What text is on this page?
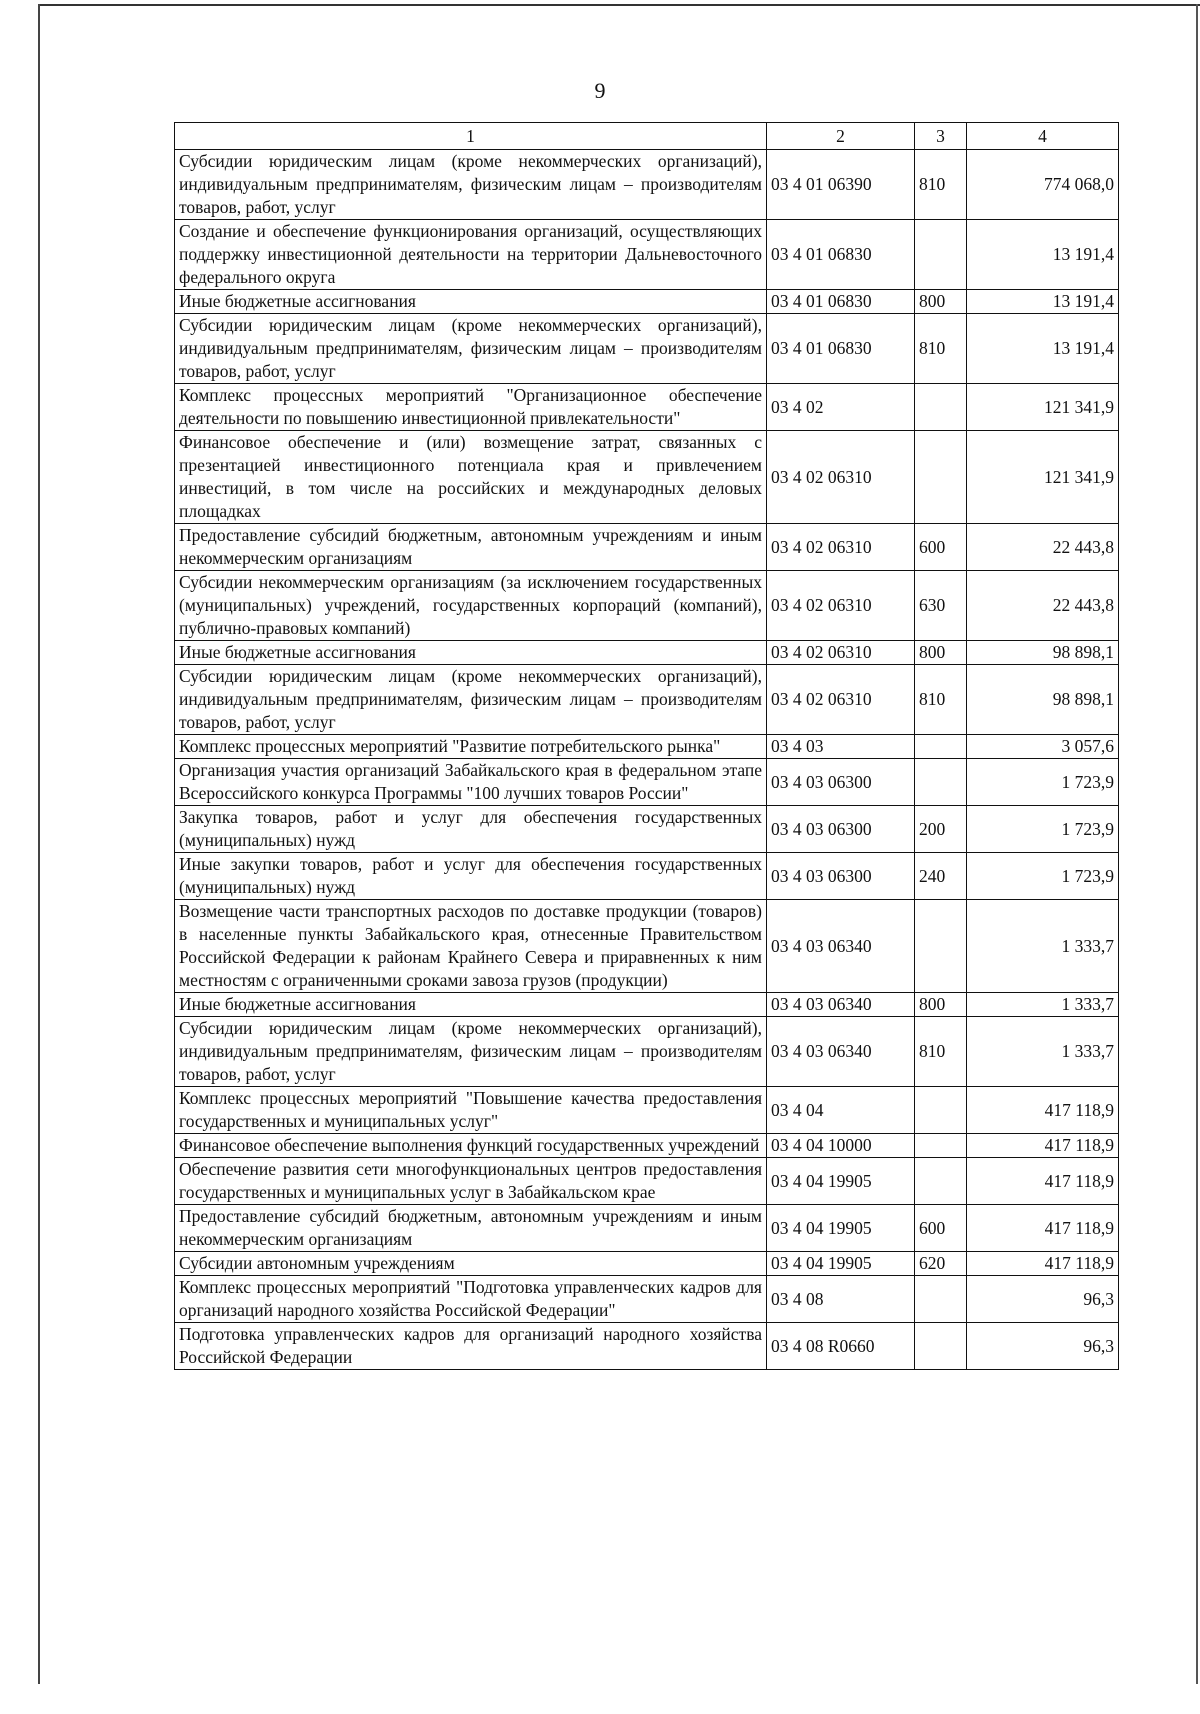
9
1	2	3	4
Субсидии юридическим лицам (кроме некоммерческих организаций), индивидуальным предпринимателям, физическим лицам – производителям товаров, работ, услуг	03 4 01 06390	810	774 068,0
Создание и обеспечение функционирования организаций, осуществляющих поддержку инвестиционной деятельности на территории Дальневосточного федерального округа	03 4 01 06830		13 191,4
Иные бюджетные ассигнования	03 4 01 06830	800	13 191,4
Субсидии юридическим лицам (кроме некоммерческих организаций), индивидуальным предпринимателям, физическим лицам – производителям товаров, работ, услуг	03 4 01 06830	810	13 191,4
Комплекс процессных мероприятий "Организационное обеспечение деятельности по повышению инвестиционной привлекательности"	03 4 02		121 341,9
Финансовое обеспечение и (или) возмещение затрат, связанных с презентацией инвестиционного потенциала края и привлечением инвестиций, в том числе на российских и международных деловых площадках	03 4 02 06310		121 341,9
Предоставление субсидий бюджетным, автономным учреждениям и иным некоммерческим организациям	03 4 02 06310	600	22 443,8
Субсидии некоммерческим организациям (за исключением государственных (муниципальных) учреждений, государственных корпораций (компаний), публично-правовых компаний)	03 4 02 06310	630	22 443,8
Иные бюджетные ассигнования	03 4 02 06310	800	98 898,1
Субсидии юридическим лицам (кроме некоммерческих организаций), индивидуальным предпринимателям, физическим лицам – производителям товаров, работ, услуг	03 4 02 06310	810	98 898,1
Комплекс процессных мероприятий "Развитие потребительского рынка"	03 4 03		3 057,6
Организация участия организаций Забайкальского края в федеральном этапе Всероссийского конкурса Программы "100 лучших товаров России"	03 4 03 06300		1 723,9
Закупка товаров, работ и услуг для обеспечения государственных (муниципальных) нужд	03 4 03 06300	200	1 723,9
Иные закупки товаров, работ и услуг для обеспечения государственных (муниципальных) нужд	03 4 03 06300	240	1 723,9
Возмещение части транспортных расходов по доставке продукции (товаров) в населенные пункты Забайкальского края, отнесенные Правительством Российской Федерации к районам Крайнего Севера и приравненных к ним местностям с ограниченными сроками завоза грузов (продукции)	03 4 03 06340		1 333,7
Иные бюджетные ассигнования	03 4 03 06340	800	1 333,7
Субсидии юридическим лицам (кроме некоммерческих организаций), индивидуальным предпринимателям, физическим лицам – производителям товаров, работ, услуг	03 4 03 06340	810	1 333,7
Комплекс процессных мероприятий "Повышение качества предоставления государственных и муниципальных услуг"	03 4 04		417 118,9
Финансовое обеспечение выполнения функций государственных учреждений	03 4 04 10000		417 118,9
Обеспечение развития сети многофункциональных центров предоставления государственных и муниципальных услуг в Забайкальском крае	03 4 04 19905		417 118,9
Предоставление субсидий бюджетным, автономным учреждениям и иным некоммерческим организациям	03 4 04 19905	600	417 118,9
Субсидии автономным учреждениям	03 4 04 19905	620	417 118,9
Комплекс процессных мероприятий "Подготовка управленческих кадров для организаций народного хозяйства Российской Федерации"	03 4 08		96,3
Подготовка управленческих кадров для организаций народного хозяйства Российской Федерации	03 4 08 R0660		96,3
